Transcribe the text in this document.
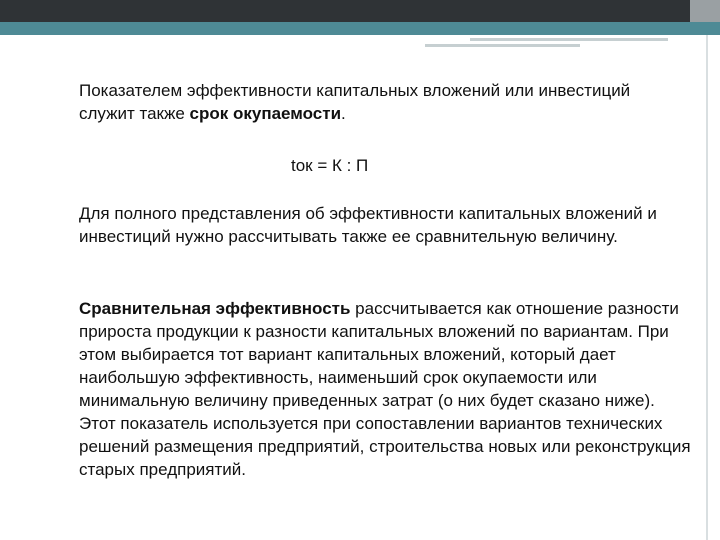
Показателем эффективности капитальных вложений или инвестиций служит также срок окупаемости.

tок = К : П

Для полного представления об эффективности капитальных вложений и инвестиций нужно рассчитывать также ее сравнительную величину.

Сравнительная эффективность рассчитывается как отношение разности прироста продукции к разности капитальных вложений по вариантам. При этом выбирается тот вариант капитальных вложений, который дает наибольшую эффективность, наименьший срок окупаемости или минимальную величину приведенных затрат (о них будет сказано ниже).
Этот показатель используется при сопоставлении вариантов технических решений размещения предприятий, строительства новых или реконструкция старых предприятий.
